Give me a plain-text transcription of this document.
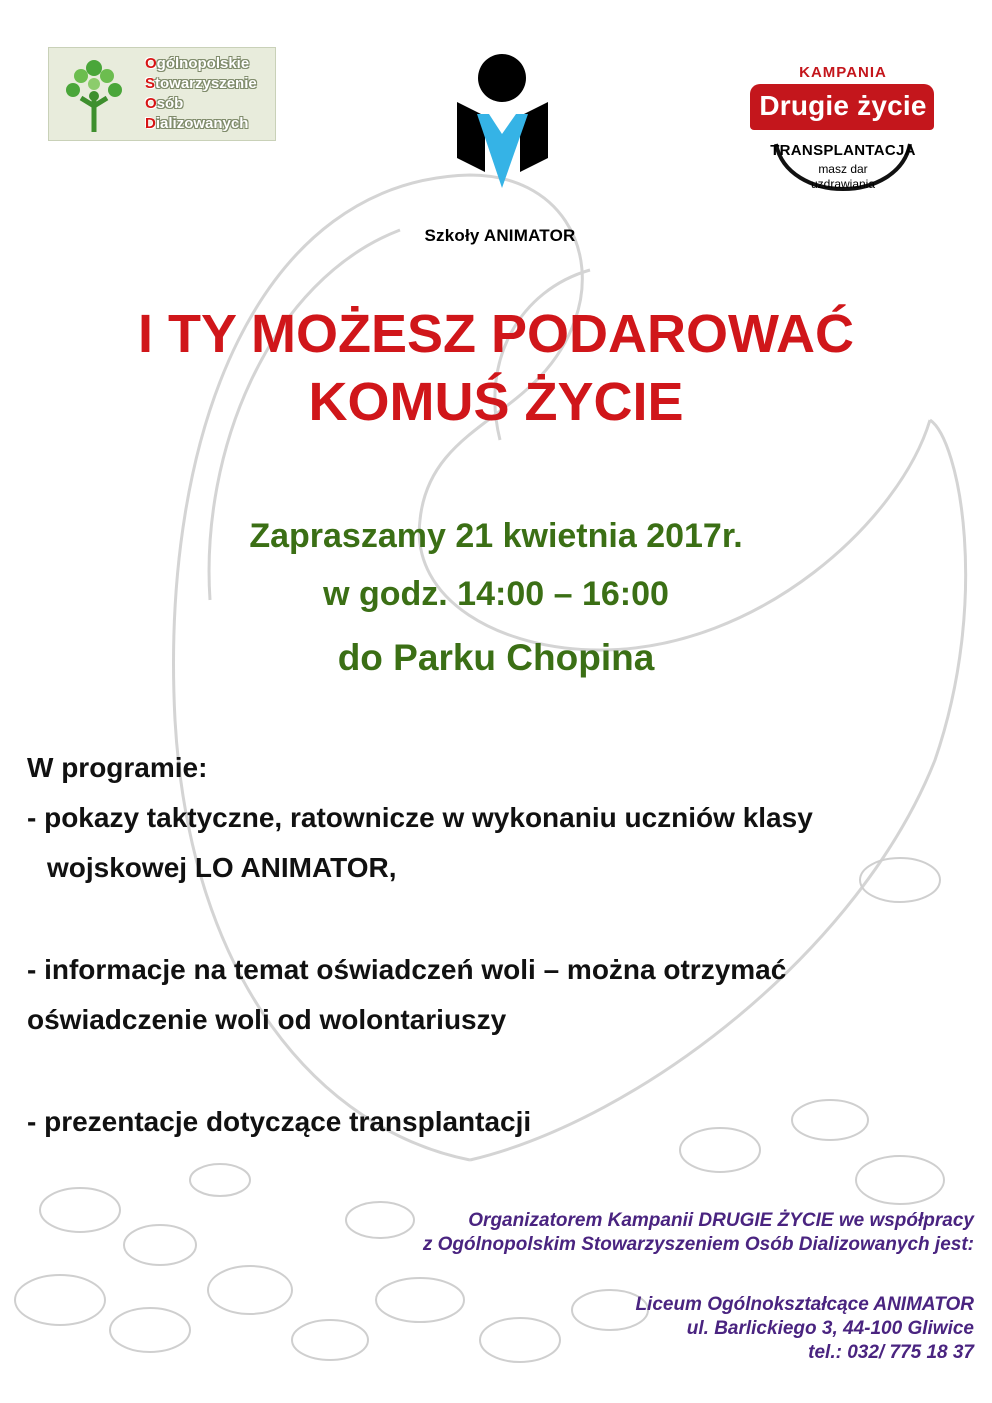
Ogólnopolskie
Stowarzyszenie
Osób
Dializowanych
Szkoły ANIMATOR
KAMPANIA
Drugie życie
TRANSPLANTACJA
masz dar
uzdrawiania
I TY MOŻESZ PODAROWAĆ
KOMUŚ ŻYCIE
Zapraszamy 21 kwietnia 2017r.
w godz. 14:00 – 16:00
do Parku Chopina
W programie:
- pokazy taktyczne, ratownicze w wykonaniu uczniów klasy
wojskowej LO ANIMATOR,
- informacje na temat oświadczeń woli – można otrzymać
oświadczenie woli od wolontariuszy
- prezentacje dotyczące transplantacji
Organizatorem Kampanii DRUGIE ŻYCIE we współpracy
z Ogólnopolskim Stowarzyszeniem Osób Dializowanych jest:
Liceum Ogólnokształcące ANIMATOR
ul. Barlickiego 3, 44-100 Gliwice
tel.: 032/ 775 18 37
